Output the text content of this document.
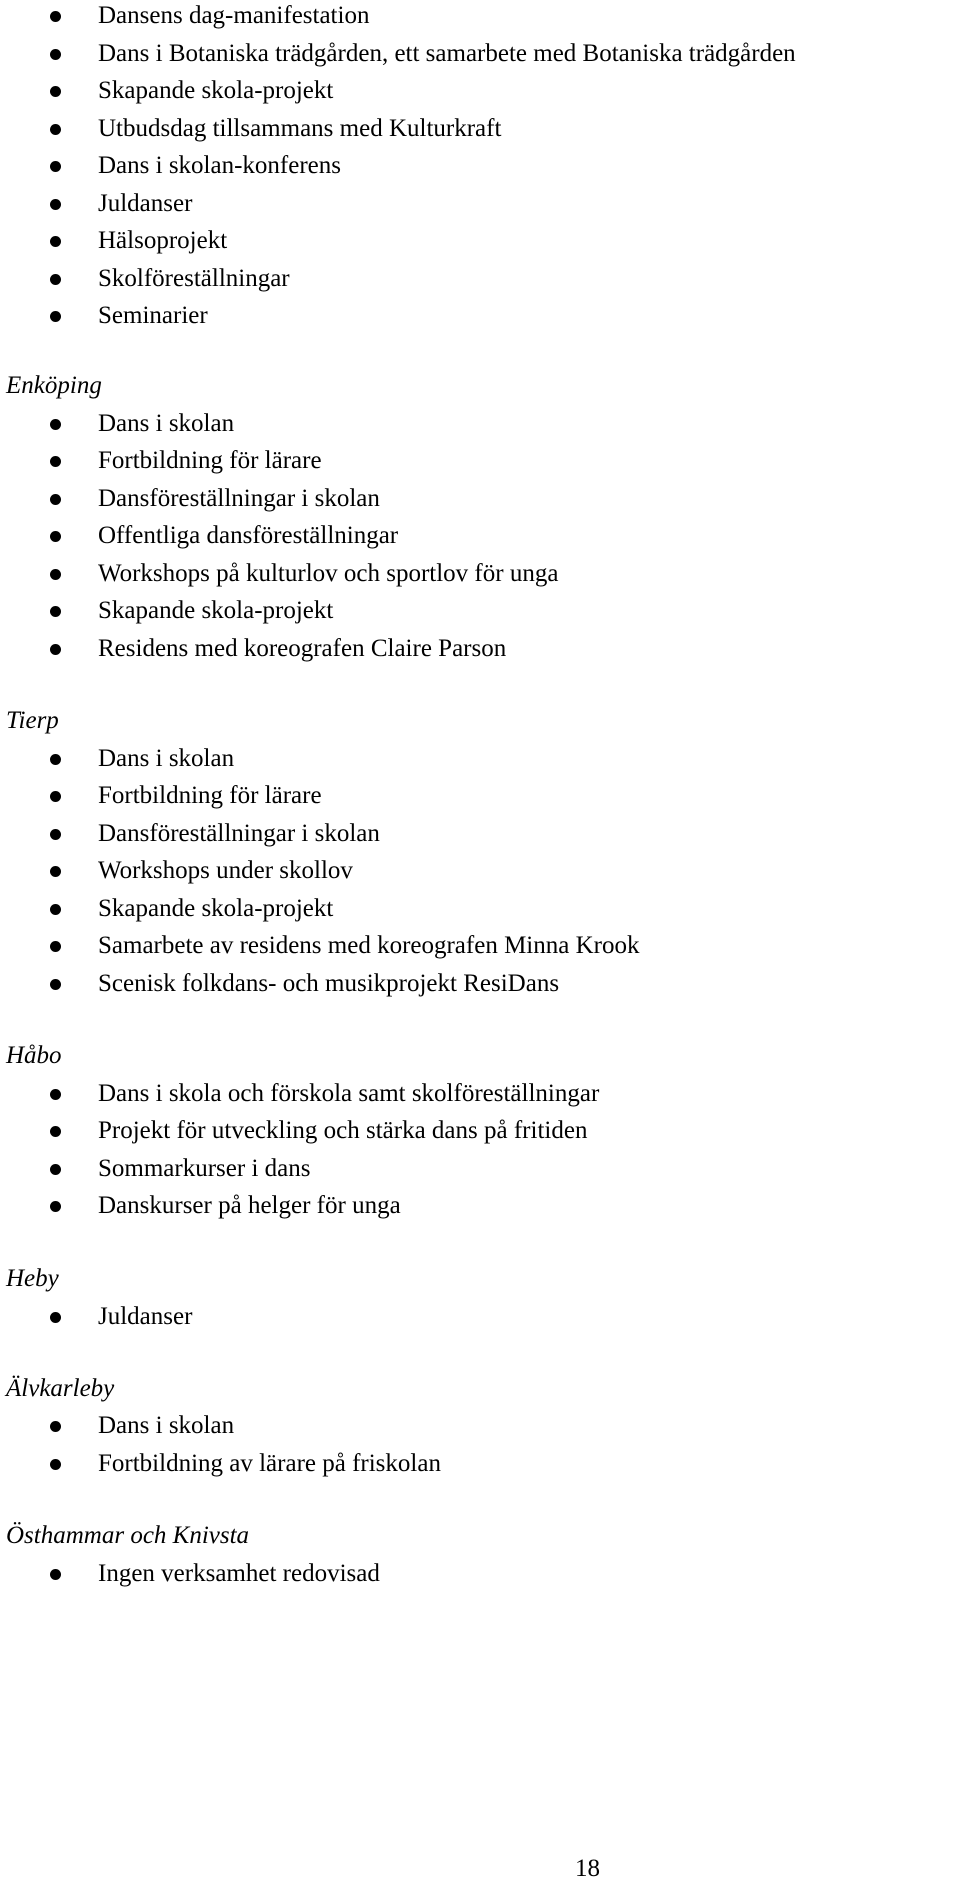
Dansens dag-manifestation
Dans i Botaniska trädgården, ett samarbete med Botaniska trädgården
Skapande skola-projekt
Utbudsdag tillsammans med Kulturkraft
Dans i skolan-konferens
Juldanser
Hälsoprojekt
Skolföreställningar
Seminarier
Enköping
Dans i skolan
Fortbildning för lärare
Dansföreställningar i skolan
Offentliga dansföreställningar
Workshops på kulturlov och sportlov för unga
Skapande skola-projekt
Residens med koreografen Claire Parson
Tierp
Dans i skolan
Fortbildning för lärare
Dansföreställningar i skolan
Workshops under skollov
Skapande skola-projekt
Samarbete av residens med koreografen Minna Krook
Scenisk folkdans- och musikprojekt ResiDans
Håbo
Dans i skola och förskola samt skolföreställningar
Projekt för utveckling och stärka dans på fritiden
Sommarkurser i dans
Danskurser på helger för unga
Heby
Juldanser
Älvkarleby
Dans i skolan
Fortbildning av lärare på friskolan
Östhammar och Knivsta
Ingen verksamhet redovisad
18
